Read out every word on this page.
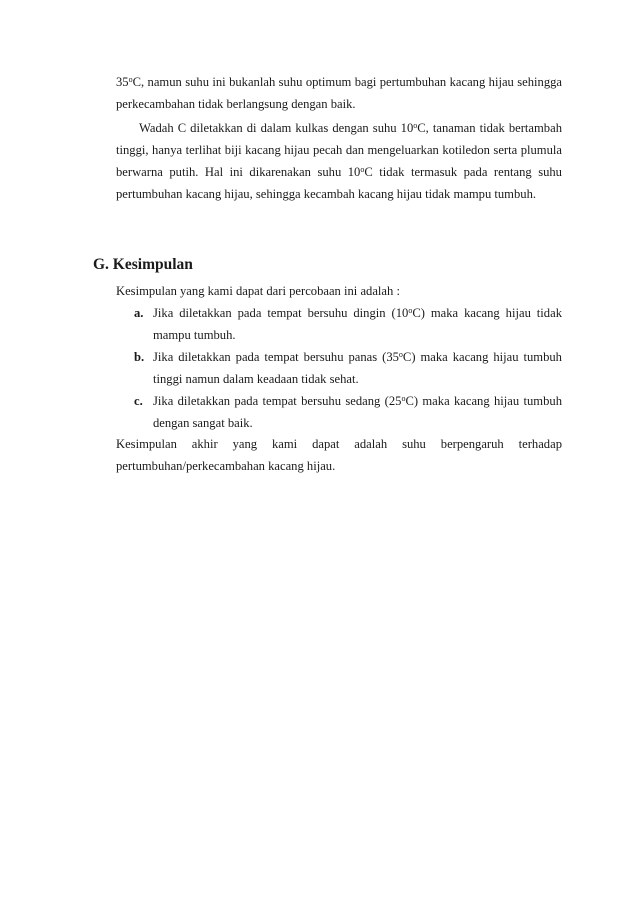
35$^o$C, namun suhu ini bukanlah suhu optimum bagi pertumbuhan kacang hijau sehingga perkecambahan tidak berlangsung dengan baik.

Wadah C diletakkan di dalam kulkas dengan suhu 10$^o$C, tanaman tidak bertambah tinggi, hanya terlihat biji kacang hijau pecah dan mengeluarkan kotiledon serta plumula berwarna putih. Hal ini dikarenakan suhu 10$^o$C tidak termasuk pada rentang suhu pertumbuhan kacang hijau, sehingga kecambah kacang hijau tidak mampu tumbuh.

G. Kesimpulan

Kesimpulan yang kami dapat dari percobaan ini adalah :

a. Jika diletakkan pada tempat bersuhu dingin (10$^o$C) maka kacang hijau tidak mampu tumbuh.
b. Jika diletakkan pada tempat bersuhu panas (35$^o$C) maka kacang hijau tumbuh tinggi namun dalam keadaan tidak sehat.
c. Jika diletakkan pada tempat bersuhu sedang (25$^o$C) maka kacang hijau tumbuh dengan sangat baik.

Kesimpulan akhir yang kami dapat adalah suhu berpengaruh terhadap pertumbuhan/perkecambahan kacang hijau.
